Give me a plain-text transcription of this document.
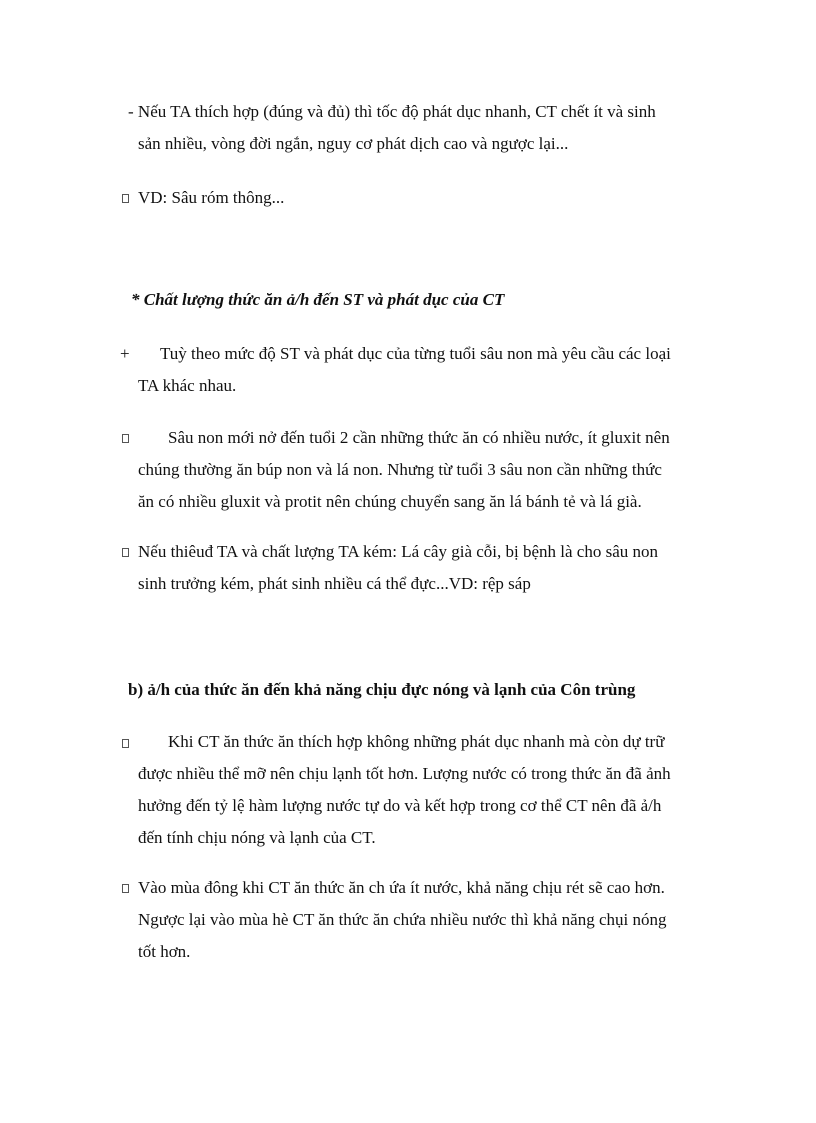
- Nếu TA thích hợp (đúng và đủ) thì tốc độ phát dục nhanh, CT chết ít và sinh
sản nhiều, vòng đời ngắn, nguy cơ phát dịch cao và ngược lại...
VD: Sâu róm thông...
* Chất lượng thức ăn ả/h đến ST và phát dục của CT
+	Tuỳ theo mức độ ST và phát dục của từng tuổi sâu non mà yêu cầu các loại
TA khác nhau.
Sâu non mới nở đến tuổi 2 cần những thức ăn có nhiều nước, ít gluxit nên
chúng thường ăn búp non và lá non. Nhưng từ tuổi 3 sâu non cần những thức
ăn có nhiều gluxit và protit nên chúng chuyển sang ăn lá bánh tẻ và lá già.
Nếu thiêuđ TA và chất lượng TA kém: Lá cây già cỗi, bị bệnh là cho sâu non
sinh trưởng kém, phát sinh nhiều cá thể đực...VD: rệp sáp
b) ả/h của thức ăn đến khả năng chịu đực nóng và lạnh của Côn trùng
Khi CT ăn thức ăn thích hợp không những phát dục nhanh mà còn dự trữ
được nhiều thể mỡ nên chịu lạnh tốt hơn. Lượng nước có trong thức ăn đã ảnh
hưởng đến tỷ lệ hàm lượng nước tự do và kết hợp trong cơ thể CT nên đã ả/h
đến tính chịu nóng và lạnh của CT.
Vào mùa đông khi CT ăn thức ăn ch ứa ít nước, khả năng chịu rét sẽ cao hơn.
Ngược lại vào mùa hè CT ăn thức ăn chứa nhiều nước thì khả năng chụi nóng
tốt hơn.
